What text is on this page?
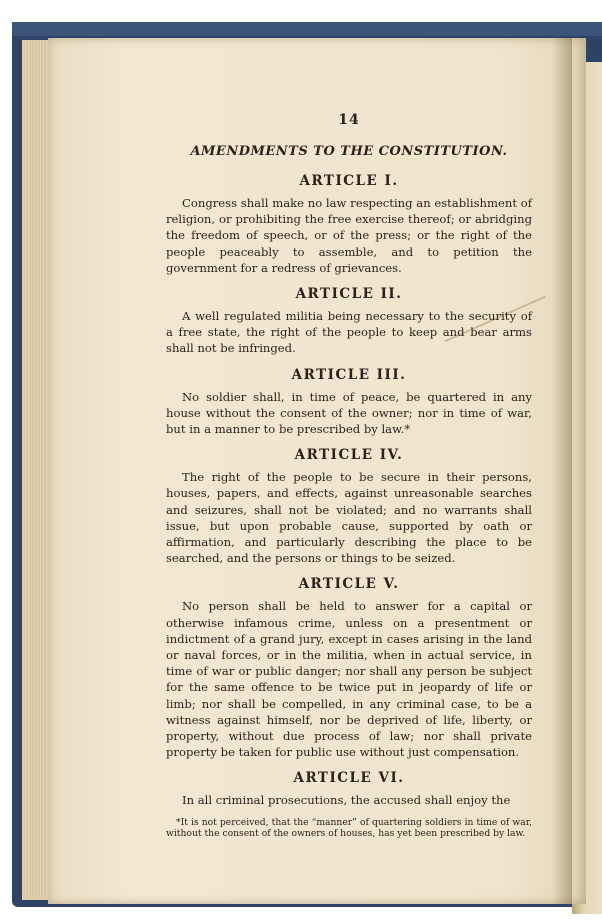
14
AMENDMENTS TO THE CONSTITUTION.
ARTICLE I.

Congress shall make no law respecting an establishment of religion, or prohibiting the free exercise thereof; or abridging the freedom of speech, or of the press; or the right of the people peaceably to assemble, and to petition the government for a redress of grievances.

ARTICLE II.

A well regulated militia being necessary to the security of a free state, the right of the people to keep and bear arms shall not be infringed.

ARTICLE III.

No soldier shall, in time of peace, be quartered in any house without the consent of the owner; nor in time of war, but in a manner to be prescribed by law.*

ARTICLE IV.

The right of the people to be secure in their persons, houses, papers, and effects, against unreasonable searches and seizures, shall not be violated; and no warrants shall issue, but upon probable cause, supported by oath or affirmation, and particularly describing the place to be searched, and the persons or things to be seized.

ARTICLE V.

No person shall be held to answer for a capital or otherwise infamous crime, unless on a presentment or indictment of a grand jury, except in cases arising in the land or naval forces, or in the militia, when in actual service, in time of war or public danger; nor shall any person be subject for the same offence to be twice put in jeopardy of life or limb; nor shall be compelled, in any criminal case, to be a witness against himself, nor be deprived of life, liberty, or property, without due process of law; nor shall private property be taken for public use without just compensation.

ARTICLE VI.

In all criminal prosecutions, the accused shall enjoy the

*It is not perceived, that the “manner” of quartering soldiers in time of war, without the consent of the owners of houses, has yet been prescribed by law.
